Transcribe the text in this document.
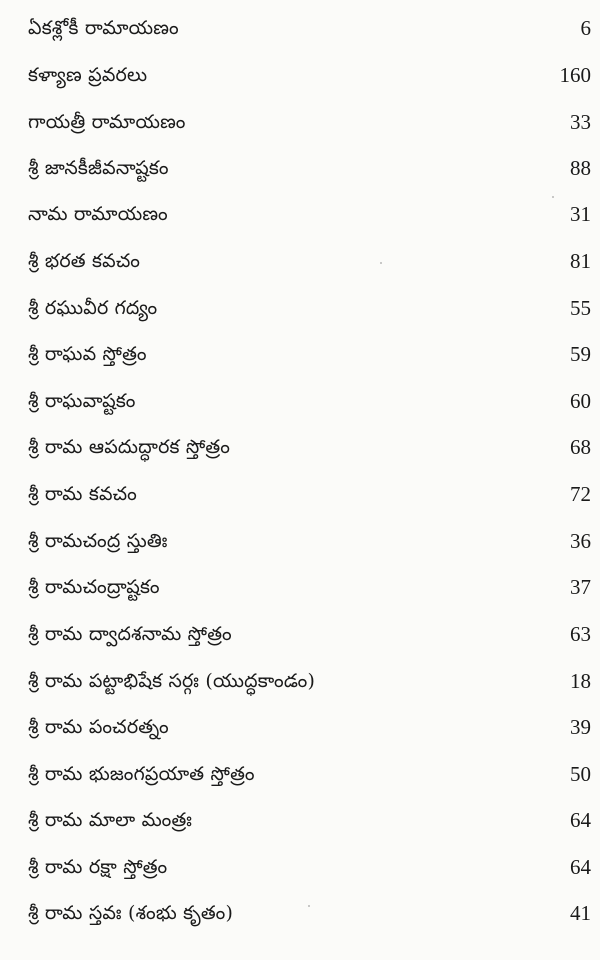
ఏకశ్లోకీ రామాయణం	6
కళ్యాణ ప్రవరలు	160
గాయత్రీ రామాయణం	33
శ్రీ జానకీజీవనాష్టకం	88
నామ రామాయణం	31
శ్రీ భరత కవచం	81
శ్రీ రఘువీర గద్యం	55
శ్రీ రాఘవ స్తోత్రం	59
శ్రీ రాఘవాష్టకం	60
శ్రీ రామ ఆపదుద్ధారక స్తోత్రం	68
శ్రీ రామ కవచం	72
శ్రీ రామచంద్ర స్తుతిః	36
శ్రీ రామచంద్రాష్టకం	37
శ్రీ రామ ద్వాదశనామ స్తోత్రం	63
శ్రీ రామ పట్టాభిషేక సర్గః (యుద్ధకాండం)	18
శ్రీ రామ పంచరత్నం	39
శ్రీ రామ భుజంగప్రయాత స్తోత్రం	50
శ్రీ రామ మాలా మంత్రః	64
శ్రీ రామ రక్షా స్తోత్రం	64
శ్రీ రామ స్తవః (శంభు కృతం)	41
